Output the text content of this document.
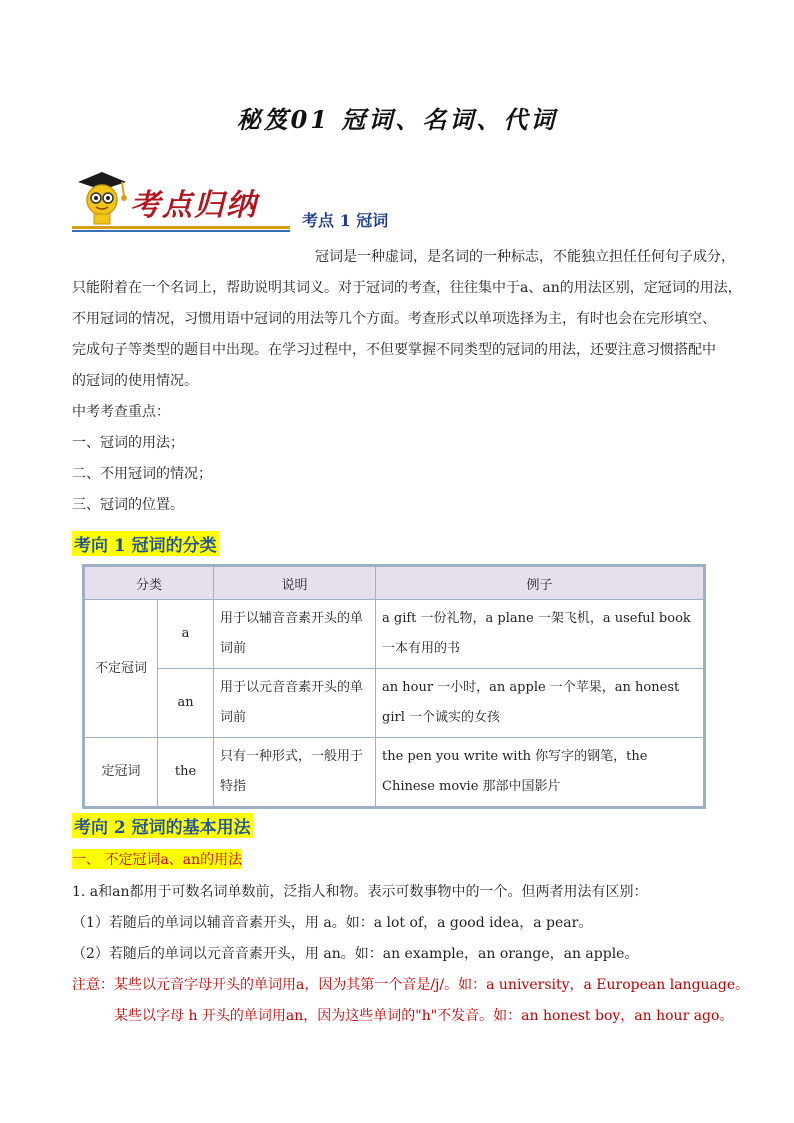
秘笈01 冠词、名词、代词
考点归纳	考点 1 冠词
冠词是一种虚词，是名词的一种标志，不能独立担任任何句子成分，
只能附着在一个名词上，帮助说明其词义。对于冠词的考查，往往集中于a、an的用法区别，定冠词的用法，
不用冠词的情况，习惯用语中冠词的用法等几个方面。考查形式以单项选择为主，有时也会在完形填空、
完成句子等类型的题目中出现。在学习过程中，不但要掌握不同类型的冠词的用法，还要注意习惯搭配中
的冠词的使用情况。
中考考查重点：
一、冠词的用法；
二、不用冠词的情况；
三、冠词的位置。
考向 1 冠词的分类
分类		说明	例子
不定冠词	a	用于以辅音音素开头的单词前	a gift 一份礼物，a plane 一架飞机，a useful book 一本有用的书
	an	用于以元音音素开头的单词前	an hour 一小时，an apple 一个苹果，an honest girl 一个诚实的女孩
定冠词	the	只有一种形式，一般用于特指	the pen you write with 你写字的钢笔，the Chinese movie 那部中国影片
考向 2 冠词的基本用法
一、 不定冠词a、an的用法
1. a和an都用于可数名词单数前，泛指人和物。表示可数事物中的一个。但两者用法有区别：
（1）若随后的单词以辅音音素开头，用 a。如：a lot of，a good idea，a pear。
（2）若随后的单词以元音音素开头，用 an。如：an example，an orange，an apple。
注意：某些以元音字母开头的单词用a，因为其第一个音是/j/。如：a university，a European language。
某些以字母 h 开头的单词用an，因为这些单词的"h"不发音。如：an honest boy，an hour ago。
